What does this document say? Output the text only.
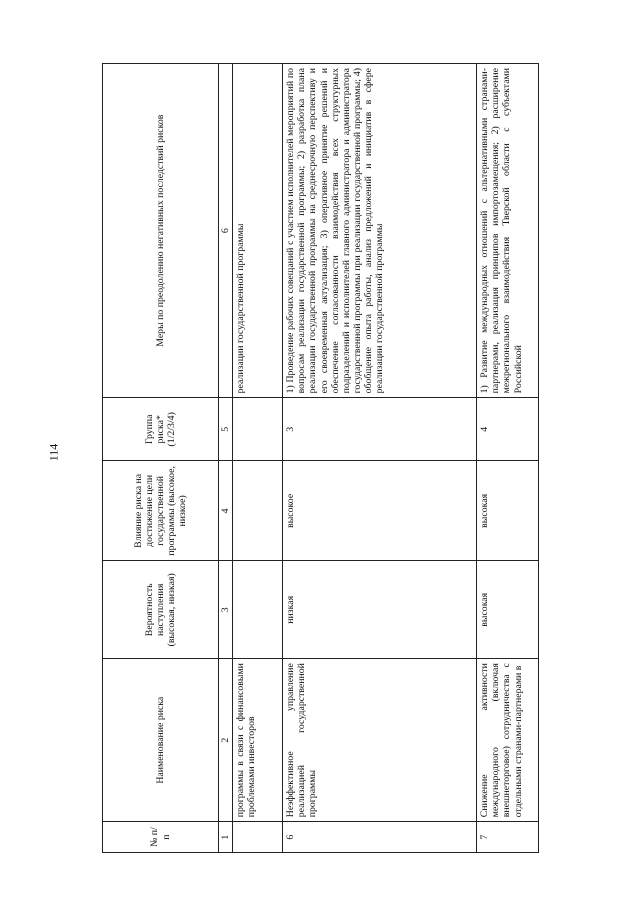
114
№ п/п	Наименование риска	Вероятность наступления (высокая, низкая)	Влияние риска на достижение цели государственной программы (высокое, низкое)	Группа риска* (1/2/3/4)	Меры по преодолению негативных последствий рисков
1	2	3	4	5	6
	программы в связи с финансовыми проблемами инвесторов				реализации государственной программы
6	Неэффективное управление реализацией государственной программы	низкая	высокое	3	1) Проведение рабочих совещаний с участием исполнителей мероприятий по вопросам реализации государственной программы; 2) разработка плана реализации государственной программы на среднесрочную перспективу и его своевременная актуализация; 3) оперативное принятие решений и обеспечение согласованности взаимодействия всех структурных подразделений и исполнителей главного администратора и администратора государственной программы при реализации государственной программы; 4) обобщение опыта работы, анализ предложений и инициатив в сфере реализации государственной программы
7	Снижение активности международного (включая внешнеторговое) сотрудничества с отдельными странами-партнерами в	высокая	высокая	4	1) Развитие международных отношений с альтернативными странами-партнерами, реализация принципов импортозамещения; 2) расширение межрегионального взаимодействия Тверской области с субъектами Российской
